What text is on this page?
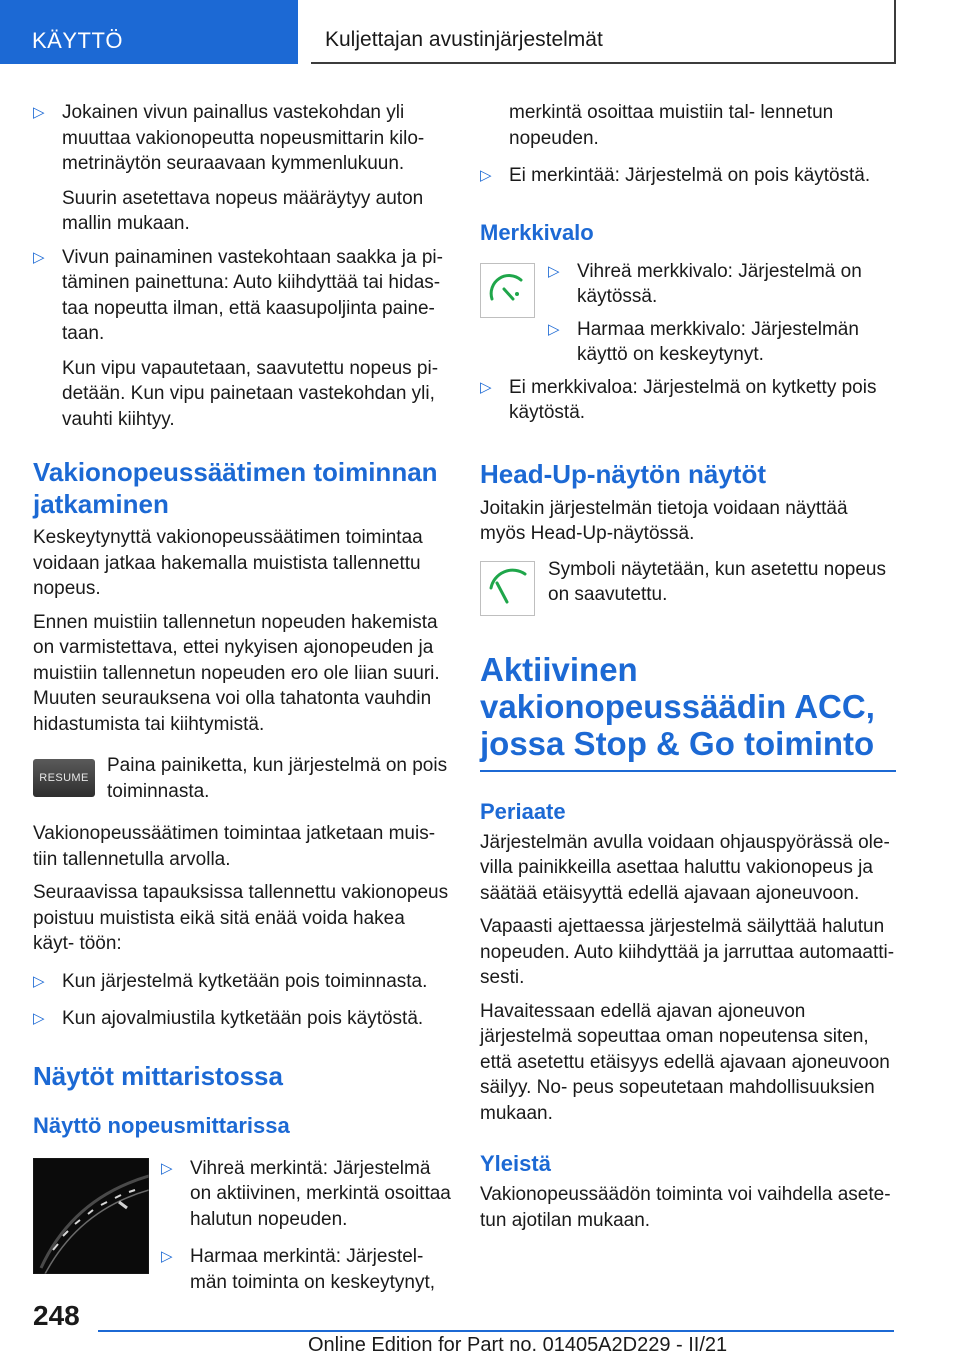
KÄYTTÖ	Kuljettajan avustinjärjestelmät

▷ Jokainen vivun painallus vastekohdan yli muuttaa vakionopeutta nopeusmittarin kilo‐ metrinäytön seuraavaan kymmenlukuun.

Suurin asetettava nopeus määräytyy auton mallin mukaan.

▷ Vivun painaminen vastekohtaan saakka ja pi‐ täminen painettuna: Auto kiihdyttää tai hidas‐ taa nopeutta ilman, että kaasupoljinta paine‐ taan.

Kun vipu vapautetaan, saavutettu nopeus pi‐ detään. Kun vipu painetaan vastekohdan yli, vauhti kiihtyy.

Vakionopeussäätimen toiminnan jatkaminen

Keskeytynyttä vakionopeussäätimen toimintaa voidaan jatkaa hakemalla muistista tallennettu nopeus.

Ennen muistiin tallennetun nopeuden hakemista on varmistettava, ettei nykyisen ajonopeuden ja muistiin tallennetun nopeuden ero ole liian suuri. Muuten seurauksena voi olla tahatonta vauhdin hidastumista tai kiihtymistä.

RESUME

Paina painiketta, kun järjestelmä on pois toiminnasta.

Vakionopeussäätimen toimintaa jatketaan muis‐ tiin tallennetulla arvolla.

Seuraavissa tapauksissa tallennettu vakionopeus poistuu muistista eikä sitä enää voida hakea käyt‐ töön:

▷ Kun järjestelmä kytketään pois toiminnasta.

▷ Kun ajovalmiustila kytketään pois käytöstä.

Näytöt mittaristossa
Näyttö nopeusmittarissa

▷ Vihreä merkintä: Järjestelmä on aktiivinen, merkintä osoittaa halutun nopeuden.

▷ Harmaa merkintä: Järjestel‐ män toiminta on keskeytynyt,

merkintä osoittaa muistiin tal‐ lennetun nopeuden.

▷ Ei merkintää: Järjestelmä on pois käytöstä.

Merkkivalo

▷ Vihreä merkkivalo: Järjestelmä on käytössä.

▷ Harmaa merkkivalo: Järjestelmän käyttö on keskeytynyt.

▷ Ei merkkivaloa: Järjestelmä on kytketty pois käytöstä.

Head-Up-näytön näytöt

Joitakin järjestelmän tietoja voidaan näyttää myös Head-Up-näytössä.

Symboli näytetään, kun asetettu nopeus on saavutettu.

Aktiivinen vakionopeussäädin ACC, jossa Stop & Go toiminto
Periaate

Järjestelmän avulla voidaan ohjauspyörässä ole‐ villa painikkeilla asettaa haluttu vakionopeus ja säätää etäisyyttä edellä ajavaan ajoneuvoon.

Vapaasti ajettaessa järjestelmä säilyttää halutun nopeuden. Auto kiihdyttää ja jarruttaa automaatti‐ sesti.

Havaitessaan edellä ajavan ajoneuvon järjestelmä sopeuttaa oman nopeutensa siten, että asetettu etäisyys edellä ajavaan ajoneuvoon säilyy. No‐ peus sopeutetaan mahdollisuuksien mukaan.

Yleistä

Vakionopeussäädön toiminta voi vaihdella asete‐ tun ajotilan mukaan.

248
Online Edition for Part no. 01405A2D229 - II/21
